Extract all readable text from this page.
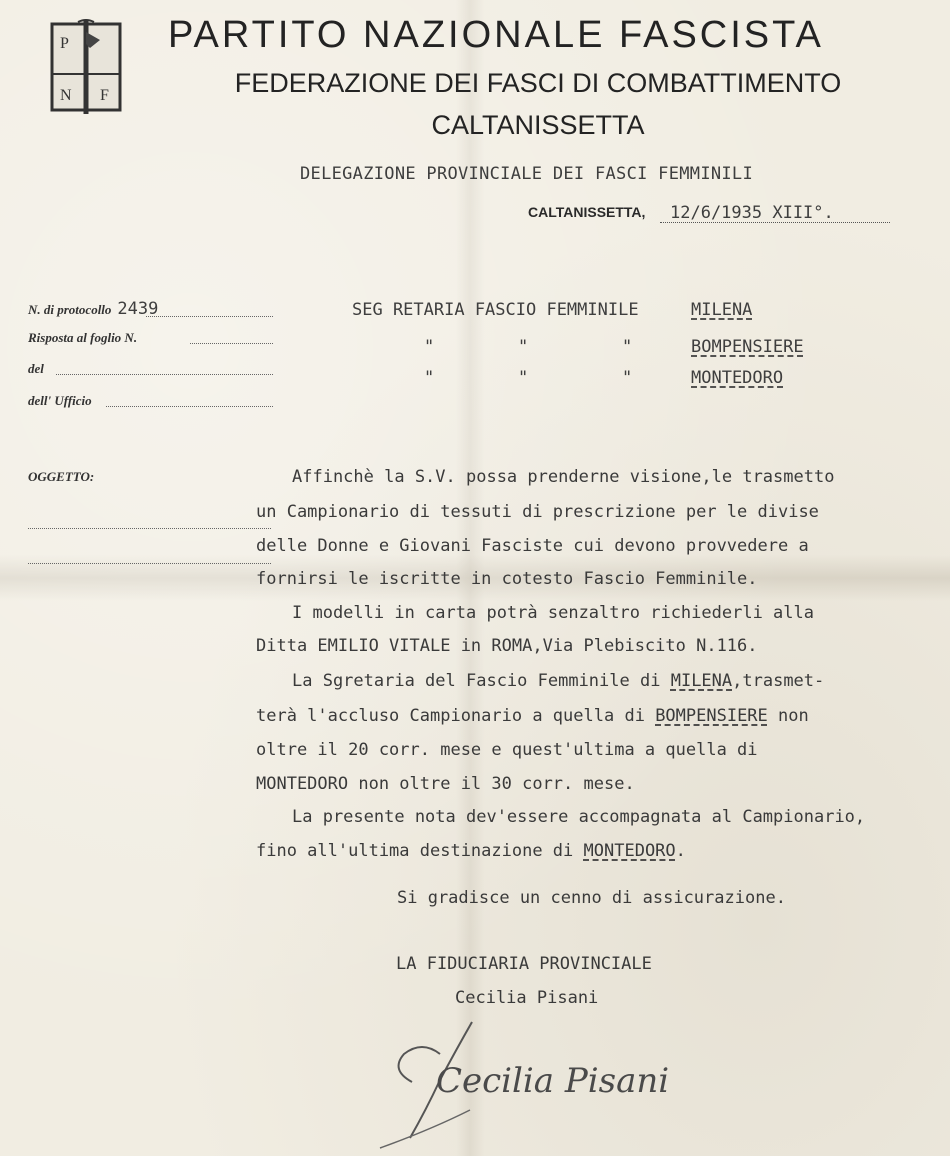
P
N F
PARTITO NAZIONALE FASCISTA
FEDERAZIONE DEI FASCI DI COMBATTIMENTO
CALTANISSETTA
DELEGAZIONE PROVINCIALE DEI FASCI FEMMINILI
CALTANISSETTA, 12/6/1935 XIII°.
N. di protocollo 2439
Risposta al foglio N.
del
dell' Ufficio
SEG RETARIA FASCIO FEMMINILE	MILENA
"	"	"	BOMPENSIERE
"	"	"	MONTEDORO
OGGETTO:	Affinchè la S.V. possa prenderne visione,le trasmetto
un Campionario di tessuti di prescrizione per le divise
delle Donne e Giovani Fasciste cui devono provvedere a
fornirsi le iscritte in cotesto Fascio Femminile.
I modelli in carta potrà senzaltro richiederli alla
Ditta EMILIO VITALE in ROMA,Via Plebiscito N.116.
La Sgretaria del Fascio Femminile di MILENA,trasmet-
terà l'accluso Campionario a quella di BOMPENSIERE non
oltre il 20 corr. mese e quest'ultima a quella di
MONTEDORO non oltre il 30 corr. mese.
La presente nota dev'essere accompagnata al Campionario,
fino all'ultima destinazione di MONTEDORO.
Si gradisce un cenno di assicurazione.
LA FIDUCIARIA PROVINCIALE
Cecilia Pisani
Cecilia Pisani
